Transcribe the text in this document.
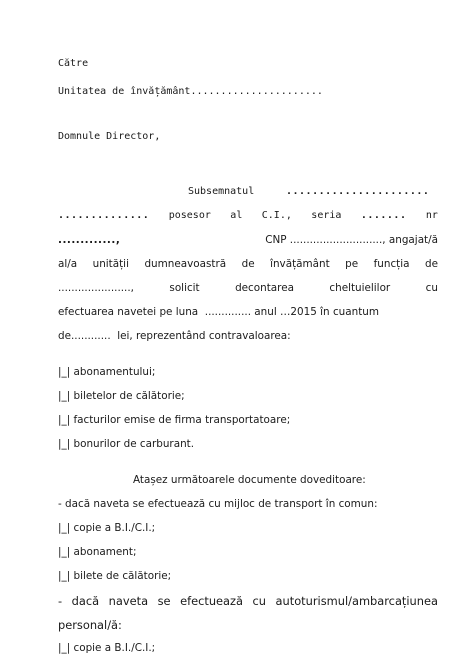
Către
Unitatea de învățământ......................
Domnule Director,
Subsemnatul	......................
.............. posesor al C.I., seria ....... nr
.............,	CNP ............................, angajat/ă
al/a unității dumneavoastră de învățământ pe funcția de
......................,	solicit	decontarea	cheltuielilor	cu
efectuarea navetei pe luna  .............. anul …2015 în cuantum
de............  lei, reprezentând contravaloarea:
|_| abonamentului;
|_| biletelor de călătorie;
|_| facturilor emise de firma transportatoare;
|_| bonurilor de carburant.
Atașez următoarele documente doveditoare:
- dacă naveta se efectuează cu mijloc de transport în comun:
|_| copie a B.I./C.I.;
|_| abonament;
|_| bilete de călătorie;
- dacă naveta se efectuează cu autoturismul/ambarcațiunea
personal/ă:
|_| copie a B.I./C.I.;
